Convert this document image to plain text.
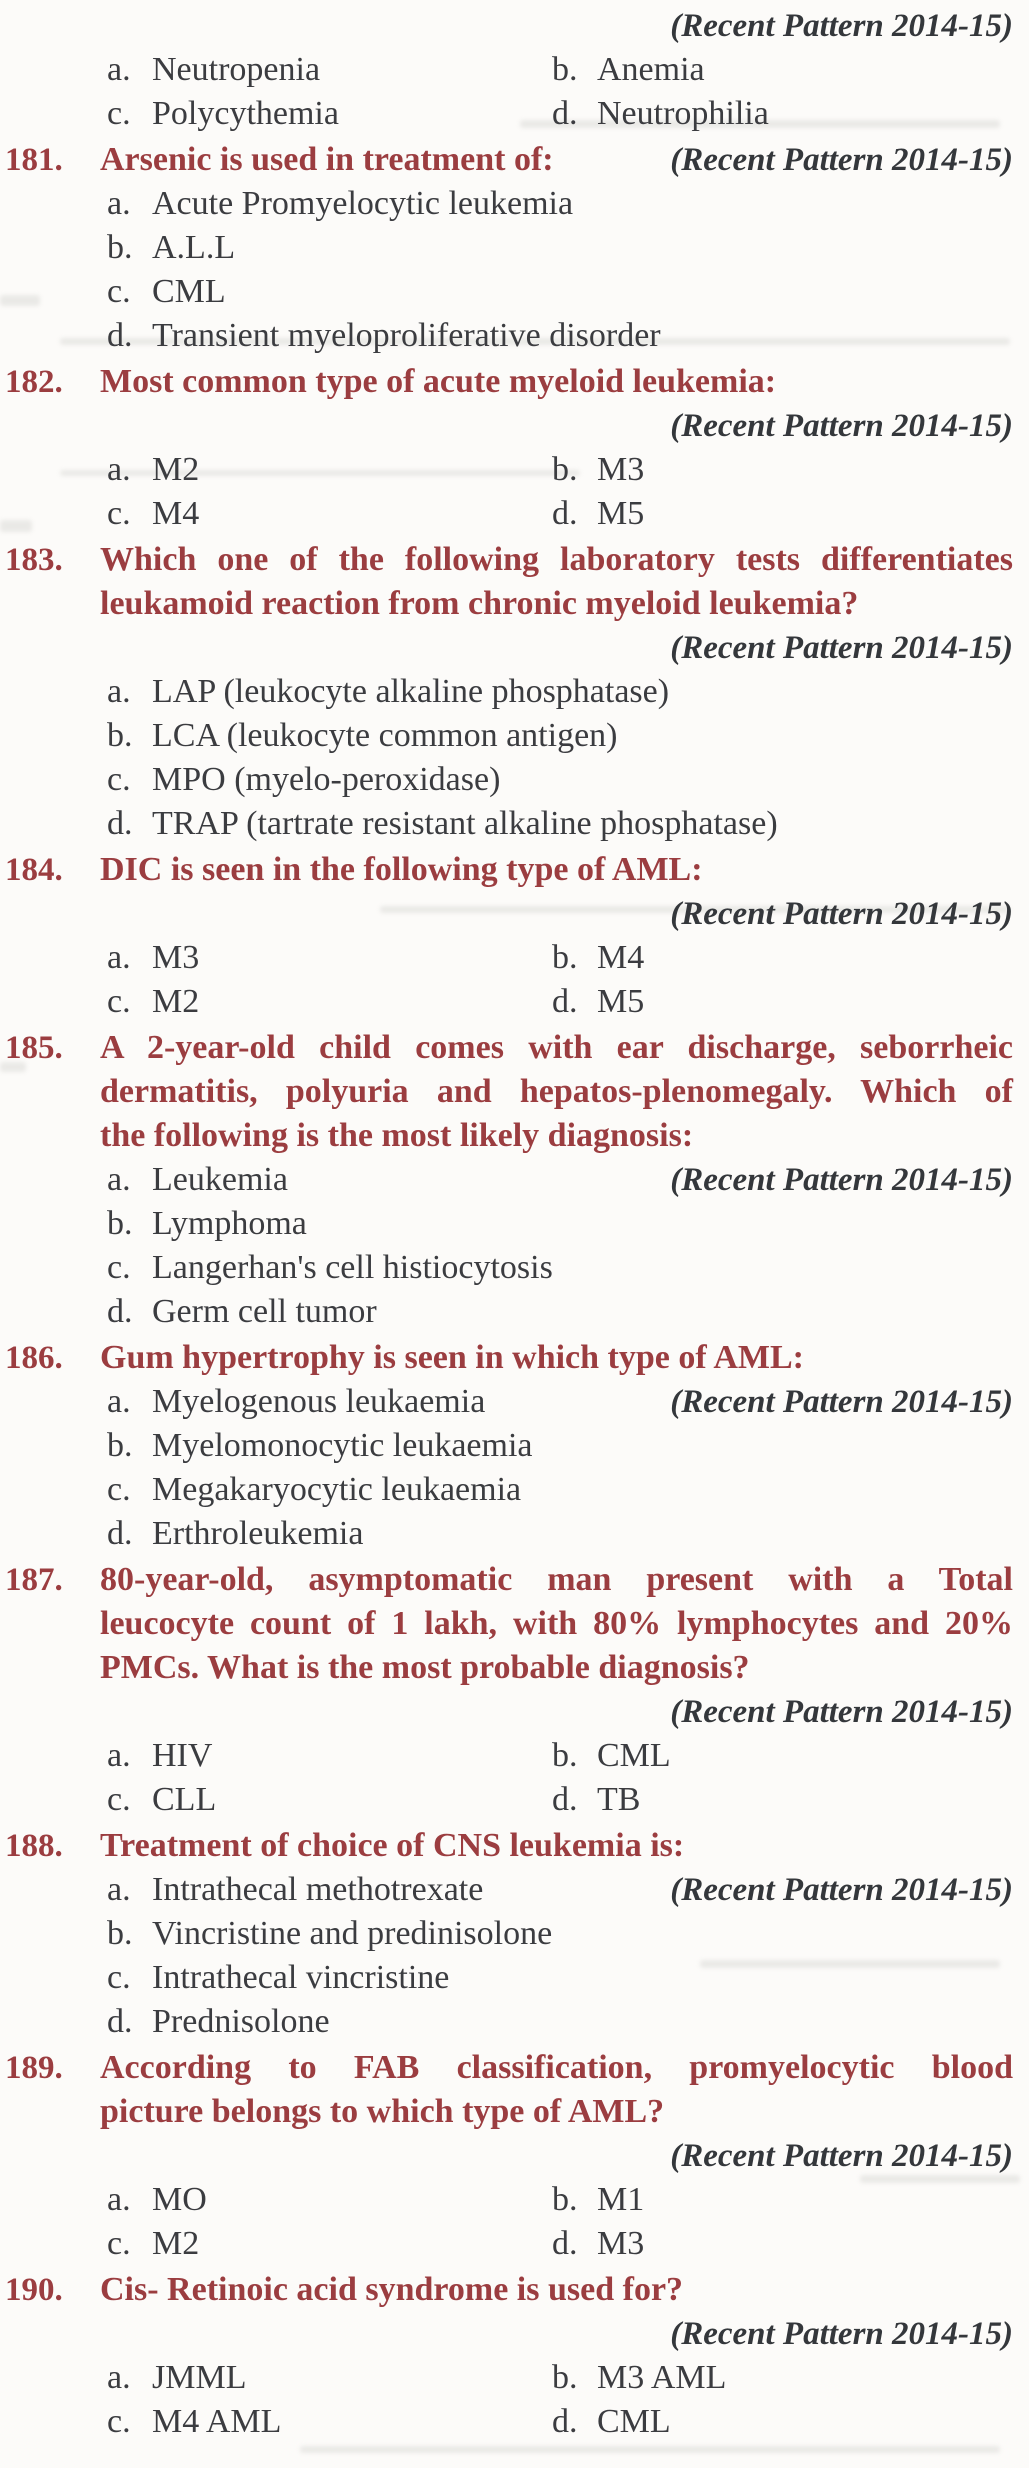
(Recent Pattern 2014-15)
a. Neutropenia	b. Anemia
c. Polycythemia	d. Neutrophilia
181.	Arsenic is used in treatment of:	(Recent Pattern 2014-15)
a. Acute Promyelocytic leukemia
b. A.L.L
c. CML
d. Transient myeloproliferative disorder
182.	Most common type of acute myeloid leukemia:
(Recent Pattern 2014-15)
a. M2	b. M3
c. M4	d. M5
183.	Which one of the following laboratory tests differentiates
leukamoid reaction from chronic myeloid leukemia?
(Recent Pattern 2014-15)
a. LAP (leukocyte alkaline phosphatase)
b. LCA (leukocyte common antigen)
c. MPO (myelo-peroxidase)
d. TRAP (tartrate resistant alkaline phosphatase)
184.	DIC is seen in the following type of AML:
(Recent Pattern 2014-15)
a. M3	b. M4
c. M2	d. M5
185.	A 2-year-old child comes with ear discharge, seborrheic
dermatitis, polyuria and hepatos-plenomegaly. Which of
the following is the most likely diagnosis:
a. Leukemia	(Recent Pattern 2014-15)
b. Lymphoma
c. Langerhan's cell histiocytosis
d. Germ cell tumor
186.	Gum hypertrophy is seen in which type of AML:
a. Myelogenous leukaemia	(Recent Pattern 2014-15)
b. Myelomonocytic leukaemia
c. Megakaryocytic leukaemia
d. Erthroleukemia
187.	80-year-old, asymptomatic man present with a Total
leucocyte count of 1 lakh, with 80% lymphocytes and 20%
PMCs. What is the most probable diagnosis?
(Recent Pattern 2014-15)
a. HIV	b. CML
c. CLL	d. TB
188.	Treatment of choice of CNS leukemia is:
a. Intrathecal methotrexate	(Recent Pattern 2014-15)
b. Vincristine and predinisolone
c. Intrathecal vincristine
d. Prednisolone
189.	According to FAB classification, promyelocytic blood
picture belongs to which type of AML?
(Recent Pattern 2014-15)
a. MO	b. M1
c. M2	d. M3
190.	Cis- Retinoic acid syndrome is used for?
(Recent Pattern 2014-15)
a. JMML	b. M3 AML
c. M4 AML	d. CML
